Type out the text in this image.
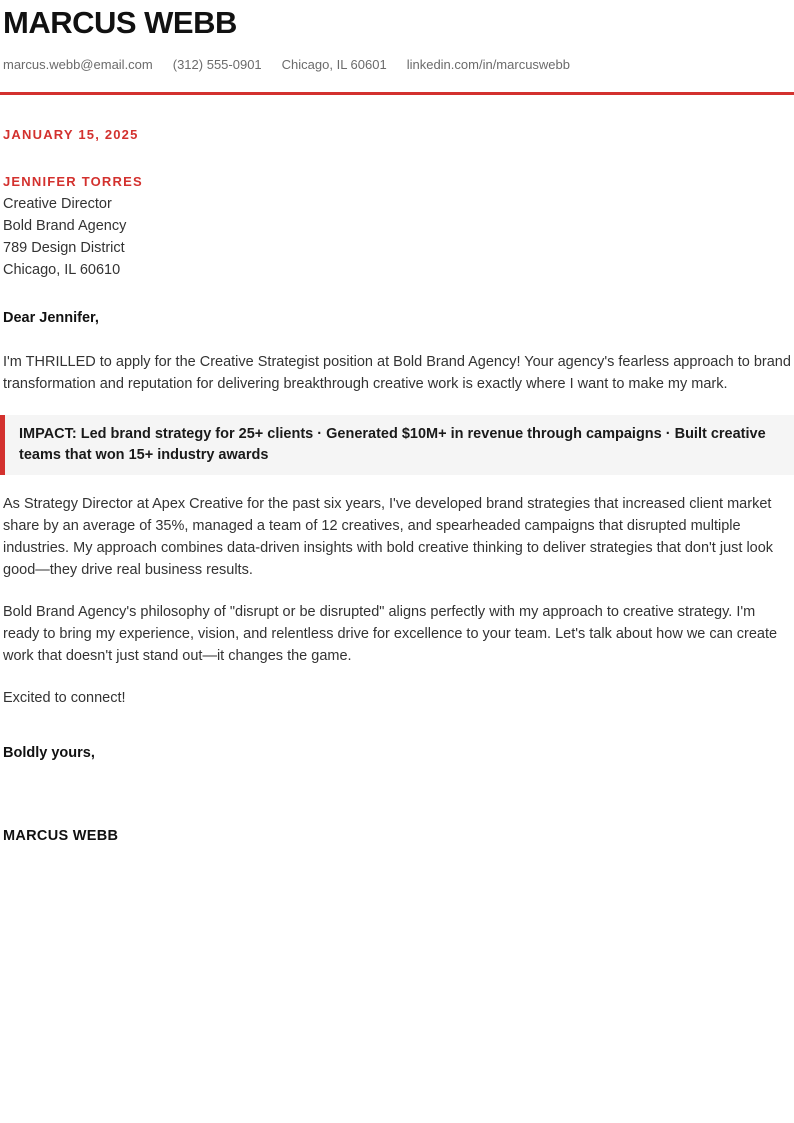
MARCUS WEBB
marcus.webb@email.com (312) 555-0901 Chicago, IL 60601 linkedin.com/in/marcuswebb
JANUARY 15, 2025
JENNIFER TORRES
Creative Director
Bold Brand Agency
789 Design District
Chicago, IL 60610
Dear Jennifer,

I'm THRILLED to apply for the Creative Strategist position at Bold Brand Agency! Your agency's fearless approach to brand transformation and reputation for delivering breakthrough creative work is exactly where I want to make my mark.

IMPACT: Led brand strategy for 25+ clients · Generated $10M+ in revenue through campaigns · Built creative teams that won 15+ industry awards

As Strategy Director at Apex Creative for the past six years, I've developed brand strategies that increased client market share by an average of 35%, managed a team of 12 creatives, and spearheaded campaigns that disrupted multiple industries. My approach combines data-driven insights with bold creative thinking to deliver strategies that don't just look good—they drive real business results.

Bold Brand Agency's philosophy of "disrupt or be disrupted" aligns perfectly with my approach to creative strategy. I'm ready to bring my experience, vision, and relentless drive for excellence to your team. Let's talk about how we can create work that doesn't just stand out—it changes the game.

Excited to connect!
Boldly yours,
MARCUS WEBB
